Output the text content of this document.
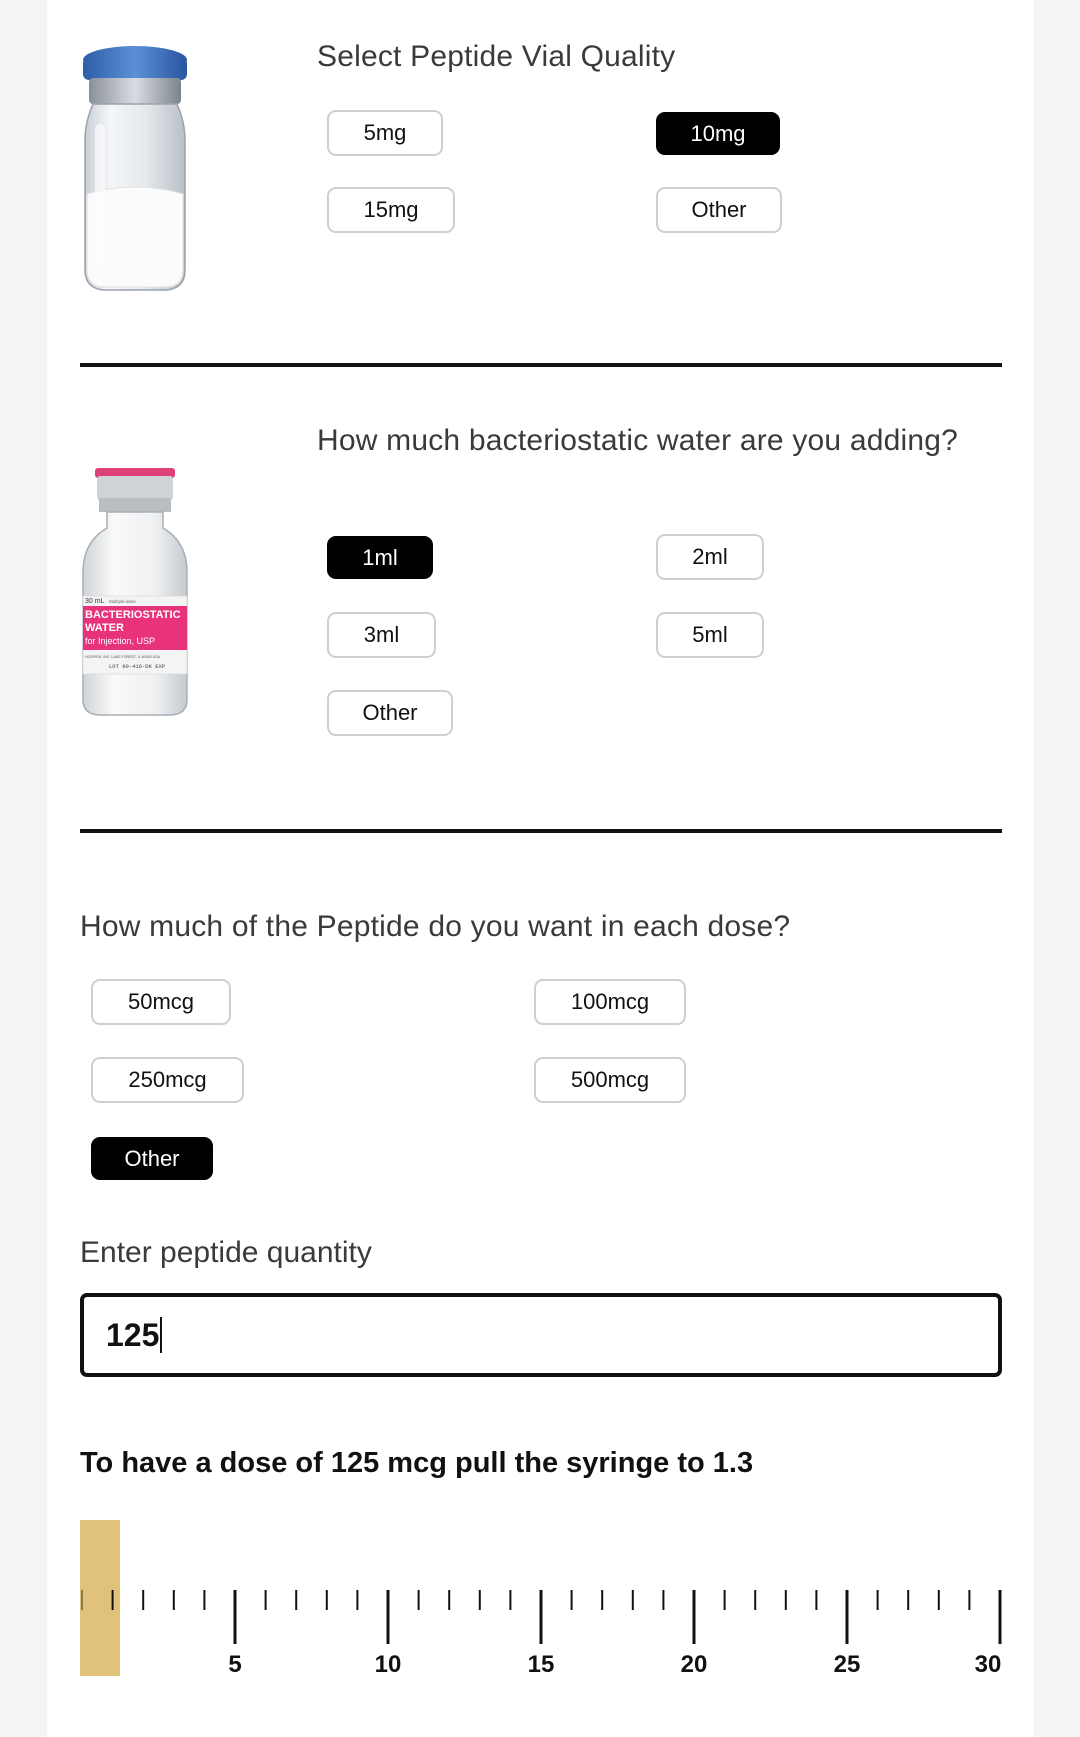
Select Peptide Vial Quality
5mg	10mg
15mg	Other
30 mL Multiple-dose
BACTERIOSTATIC
WATER
for Injection, USP
HOSPIRA, INC. LAKE FOREST, IL 60045 USA
LOT 90-416-DK EXP
How much bacteriostatic water are you adding?
1ml	2ml
3ml	5ml
Other
How much of the Peptide do you want in each dose?
50mcg	100mcg
250mcg	500mcg
Other
Enter peptide quantity
125
To have a dose of 125 mcg pull the syringe to 1.3
5	10	15	20	25	30
